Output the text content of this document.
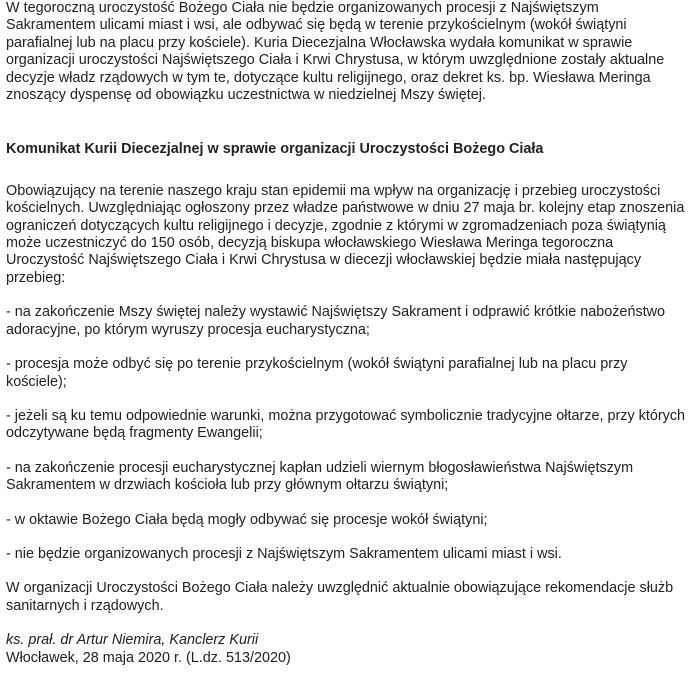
W tegoroczną uroczystość Bożego Ciała nie będzie organizowanych procesji z Najświętszym Sakramentem ulicami miast i wsi, ale odbywać się będą w terenie przykościelnym (wokół świątyni parafialnej lub na placu przy kościele). Kuria Diecezjalna Włocławska wydała komunikat w sprawie organizacji uroczystości Najświętszego Ciała i Krwi Chrystusa, w którym uwzględnione zostały aktualne decyzje władz rządowych w tym te, dotyczące kultu religijnego, oraz dekret ks. bp. Wiesława Meringa znoszący dyspensę od obowiązku uczestnictwa w niedzielnej Mszy świętej.

Komunikat Kurii Diecezjalnej w sprawie organizacji Uroczystości Bożego Ciała

Obowiązujący na terenie naszego kraju stan epidemii ma wpływ na organizację i przebieg uroczystości kościelnych. Uwzględniając ogłoszony przez władze państwowe w dniu 27 maja br. kolejny etap znoszenia ograniczeń dotyczących kultu religijnego i decyzje, zgodnie z którymi w zgromadzeniach poza świątynią może uczestniczyć do 150 osób, decyzją biskupa włocławskiego Wiesława Meringa tegoroczna Uroczystość Najświętszego Ciała i Krwi Chrystusa w diecezji włocławskiej będzie miała następujący przebieg:

- na zakończenie Mszy świętej należy wystawić Najświętszy Sakrament i odprawić krótkie nabożeństwo adoracyjne, po którym wyruszy procesja eucharystyczna;

- procesja może odbyć się po terenie przykościelnym (wokół świątyni parafialnej lub na placu przy kościele);

- jeżeli są ku temu odpowiednie warunki, można przygotować symbolicznie tradycyjne ołtarze, przy których odczytywane będą fragmenty Ewangelii;

- na zakończenie procesji eucharystycznej kapłan udzieli wiernym błogosławieństwa Najświętszym Sakramentem w drzwiach kościoła lub przy głównym ołtarzu świątyni;

- w oktawie Bożego Ciała będą mogły odbywać się procesje wokół świątyni;

- nie będzie organizowanych procesji z Najświętszym Sakramentem ulicami miast i wsi.

W organizacji Uroczystości Bożego Ciała należy uwzględnić aktualnie obowiązujące rekomendacje służb sanitarnych i rządowych.

ks. prał. dr Artur Niemira, Kanclerz Kurii
Włocławek, 28 maja 2020 r. (L.dz. 513/2020)
